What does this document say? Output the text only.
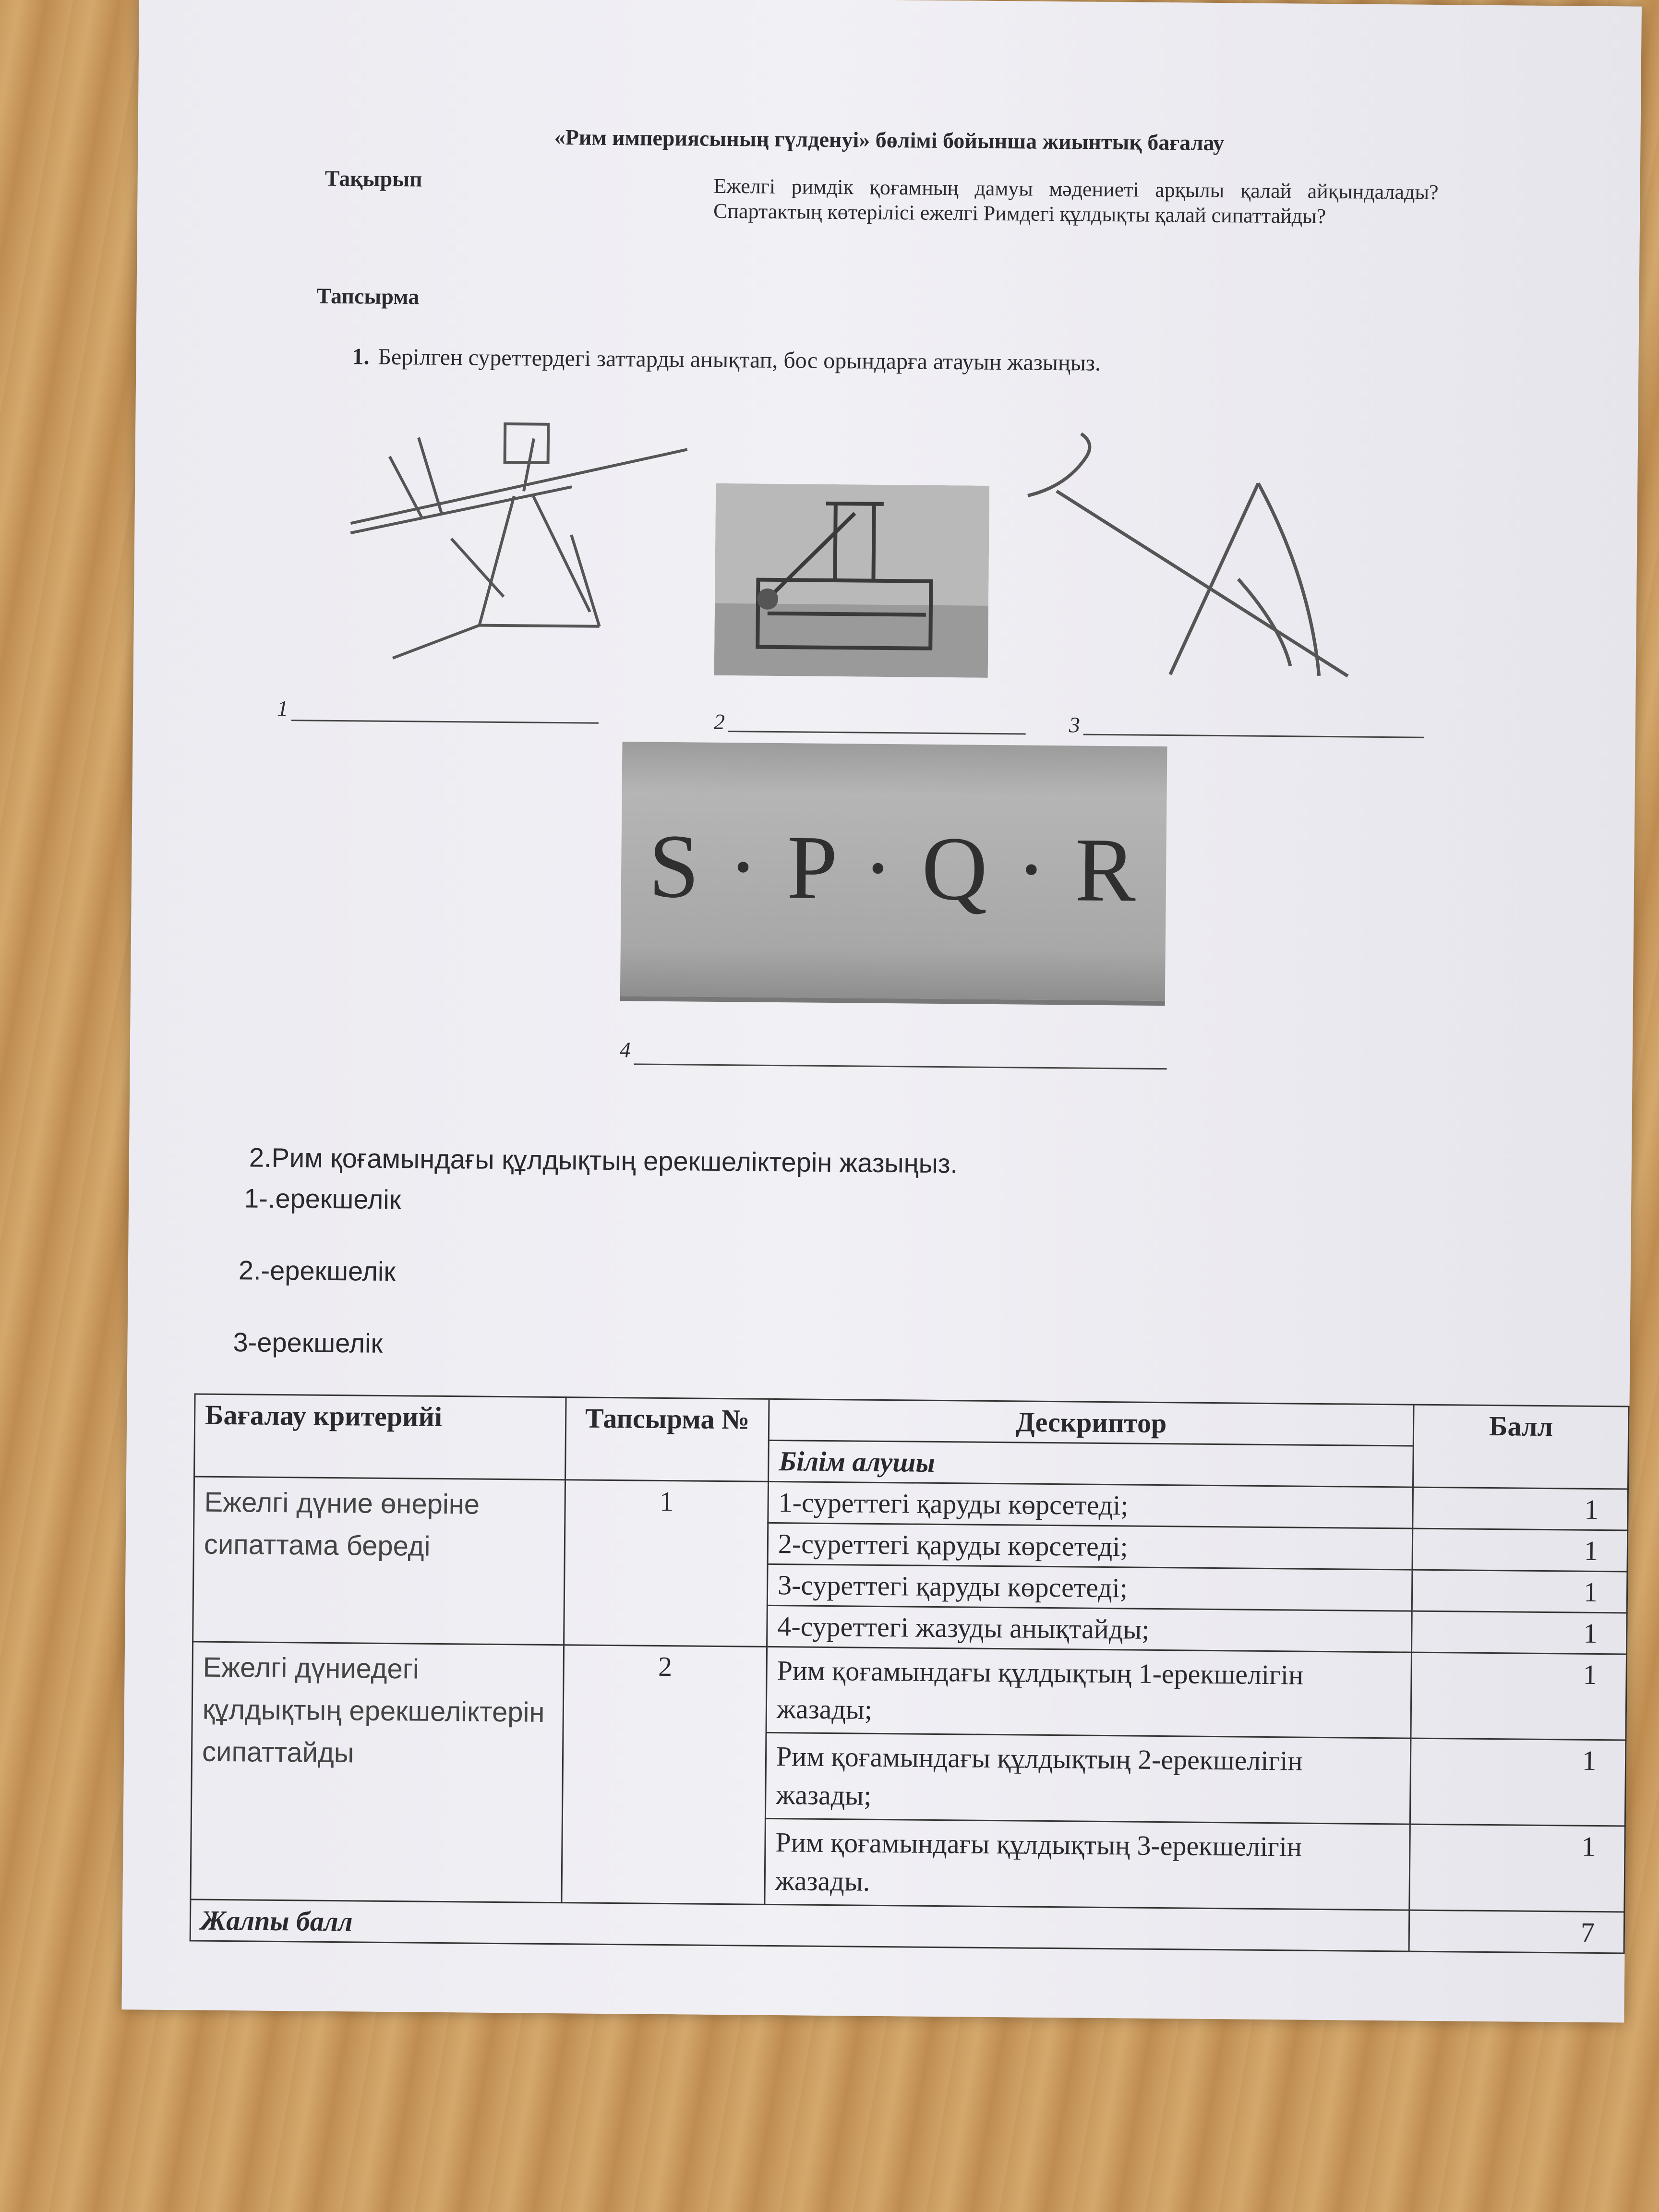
«Рим империясының гүлденуі» бөлімі бойынша жиынтық бағалау
Тақырып	Ежелгі римдік қоғамның дамуы мәдениеті арқылы қалай айқындалады? Спартактың көтерілісі ежелгі Римдегі құлдықты қалай сипаттайды?
Тапсырма
1. Берілген суреттердегі заттарды анықтап, бос орындарға атауын жазыңыз.
1
2	3
S · P · Q · R
4
2.Рим қоғамындағы құлдықтың ерекшеліктерін жазыңыз.
1-.ерекшелік
2.-ерекшелік
3-ерекшелік
Бағалау критерийі	Тапсырма №	Дескриптор	Балл
		Білім алушы	
Ежелгі дүние өнеріне сипаттама береді	1	1-суреттегі қаруды көрсетеді;	1
		2-суреттегі қаруды көрсетеді;	1
		3-суреттегі қаруды көрсетеді;	1
		4-суреттегі жазуды анықтайды;	1
Ежелгі дүниедегі құлдықтың ерекшеліктерін сипаттайды	2	Рим қоғамындағы құлдықтың 1-ерекшелігін жазады;	1
		Рим қоғамындағы құлдықтың 2-ерекшелігін жазады;	1
		Рим қоғамындағы құлдықтың 3-ерекшелігін жазады.	1
Жалпы балл			7
